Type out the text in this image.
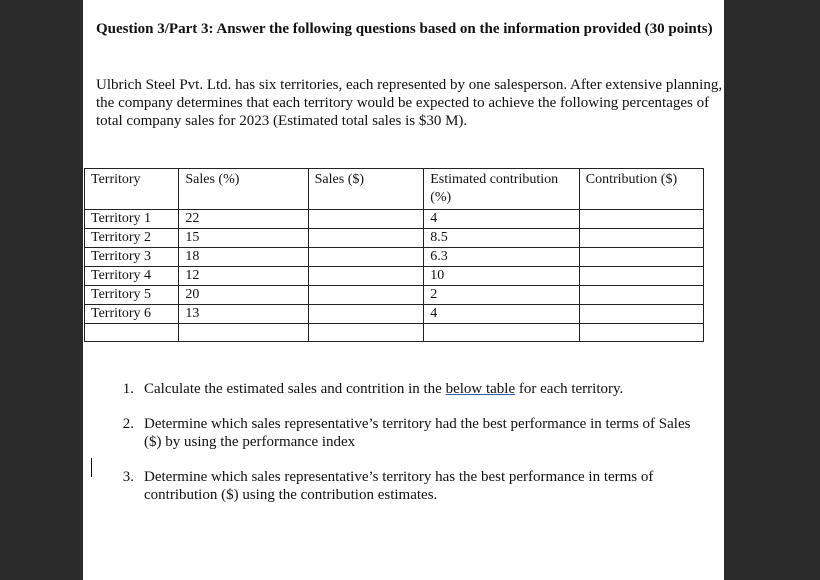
Question 3/Part 3: Answer the following questions based on the information provided (30 points)
Ulbrich Steel Pvt. Ltd. has six territories, each represented by one salesperson. After extensive planning, the company determines that each territory would be expected to achieve the following percentages of total company sales for 2023 (Estimated total sales is $30 M).
Territory	Sales (%)	Sales ($)	Estimated contribution (%)	Contribution ($)
Territory 1	22		4	
Territory 2	15		8.5	
Territory 3	18		6.3	
Territory 4	12		10	
Territory 5	20		2	
Territory 6	13		4	

1. Calculate the estimated sales and contrition in the below table for each territory.
2. Determine which sales representative’s territory had the best performance in terms of Sales ($) by using the performance index
3. Determine which sales representative’s territory has the best performance in terms of contribution ($) using the contribution estimates.
